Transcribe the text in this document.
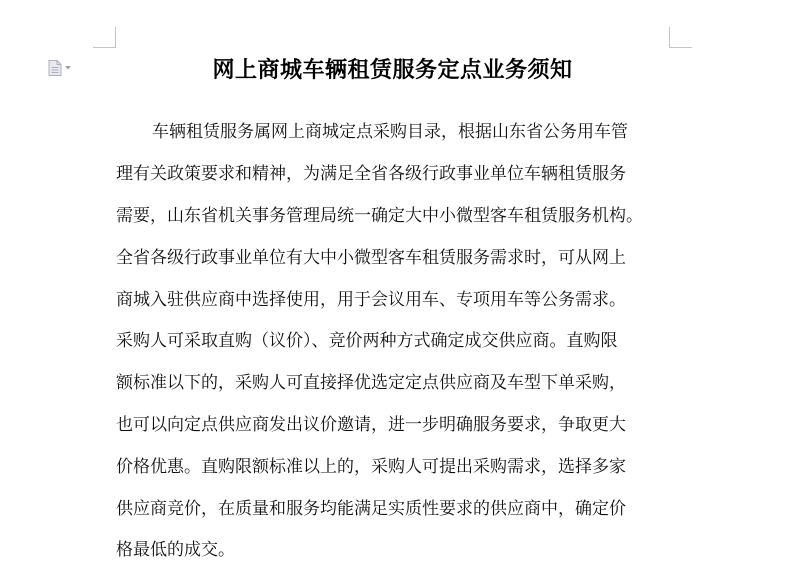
网上商城车辆租赁服务定点业务须知
车辆租赁服务属网上商城定点采购目录，根据山东省公务用车管
理有关政策要求和精神，为满足全省各级行政事业单位车辆租赁服务
需要，山东省机关事务管理局统一确定大中小微型客车租赁服务机构。
全省各级行政事业单位有大中小微型客车租赁服务需求时，可从网上
商城入驻供应商中选择使用，用于会议用车、专项用车等公务需求。
采购人可采取直购（议价）、竞价两种方式确定成交供应商。直购限
额标准以下的，采购人可直接择优选定定点供应商及车型下单采购，
也可以向定点供应商发出议价邀请，进一步明确服务要求，争取更大
价格优惠。直购限额标准以上的，采购人可提出采购需求，选择多家
供应商竞价，在质量和服务均能满足实质性要求的供应商中，确定价
格最低的成交。
